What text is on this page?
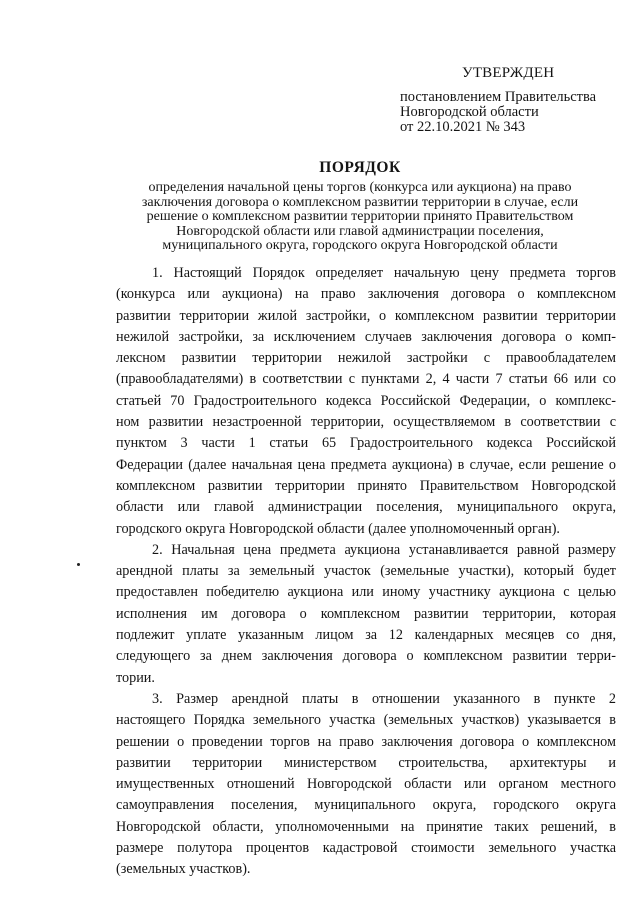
УТВЕРЖДЕН
постановлением Правительства
Новгородской области
от 22.10.2021 № 343
ПОРЯДОК
определения начальной цены торгов (конкурса или аукциона) на право
заключения договора о комплексном развитии территории в случае, если
решение о комплексном развитии территории принято Правительством
Новгородской области или главой администрации поселения,
муниципального округа, городского округа Новгородской области
1. Настоящий Порядок определяет начальную цену предмета торгов
(конкурса или аукциона) на право заключения договора о комплексном
развитии территории жилой застройки, о комплексном развитии территории
нежилой застройки, за исключением случаев заключения договора о комп-
лексном развитии территории нежилой застройки с правообладателем
(правообладателями) в соответствии с пунктами 2, 4 части 7 статьи 66 или со
статьей 70 Градостроительного кодекса Российской Федерации, о комплекс-
ном развитии незастроенной территории, осуществляемом в соответствии с
пунктом 3 части 1 статьи 65 Градостроительного кодекса Российской
Федерации (далее начальная цена предмета аукциона) в случае, если решение о
комплексном развитии территории принято Правительством Новгородской
области или главой администрации поселения, муниципального округа,
городского округа Новгородской области (далее уполномоченный орган).
2. Начальная цена предмета аукциона устанавливается равной размеру
арендной платы за земельный участок (земельные участки), который будет
предоставлен победителю аукциона или иному участнику аукциона с целью
исполнения им договора о комплексном развитии территории, которая
подлежит уплате указанным лицом за 12 календарных месяцев со дня,
следующего за днем заключения договора о комплексном развитии терри-
тории.
3. Размер арендной платы в отношении указанного в пункте 2
настоящего Порядка земельного участка (земельных участков) указывается в
решении о проведении торгов на право заключения договора о комплексном
развитии территории министерством строительства, архитектуры и
имущественных отношений Новгородской области или органом местного
самоуправления поселения, муниципального округа, городского округа
Новгородской области, уполномоченными на принятие таких решений, в
размере полутора процентов кадастровой стоимости земельного участка
(земельных участков).
